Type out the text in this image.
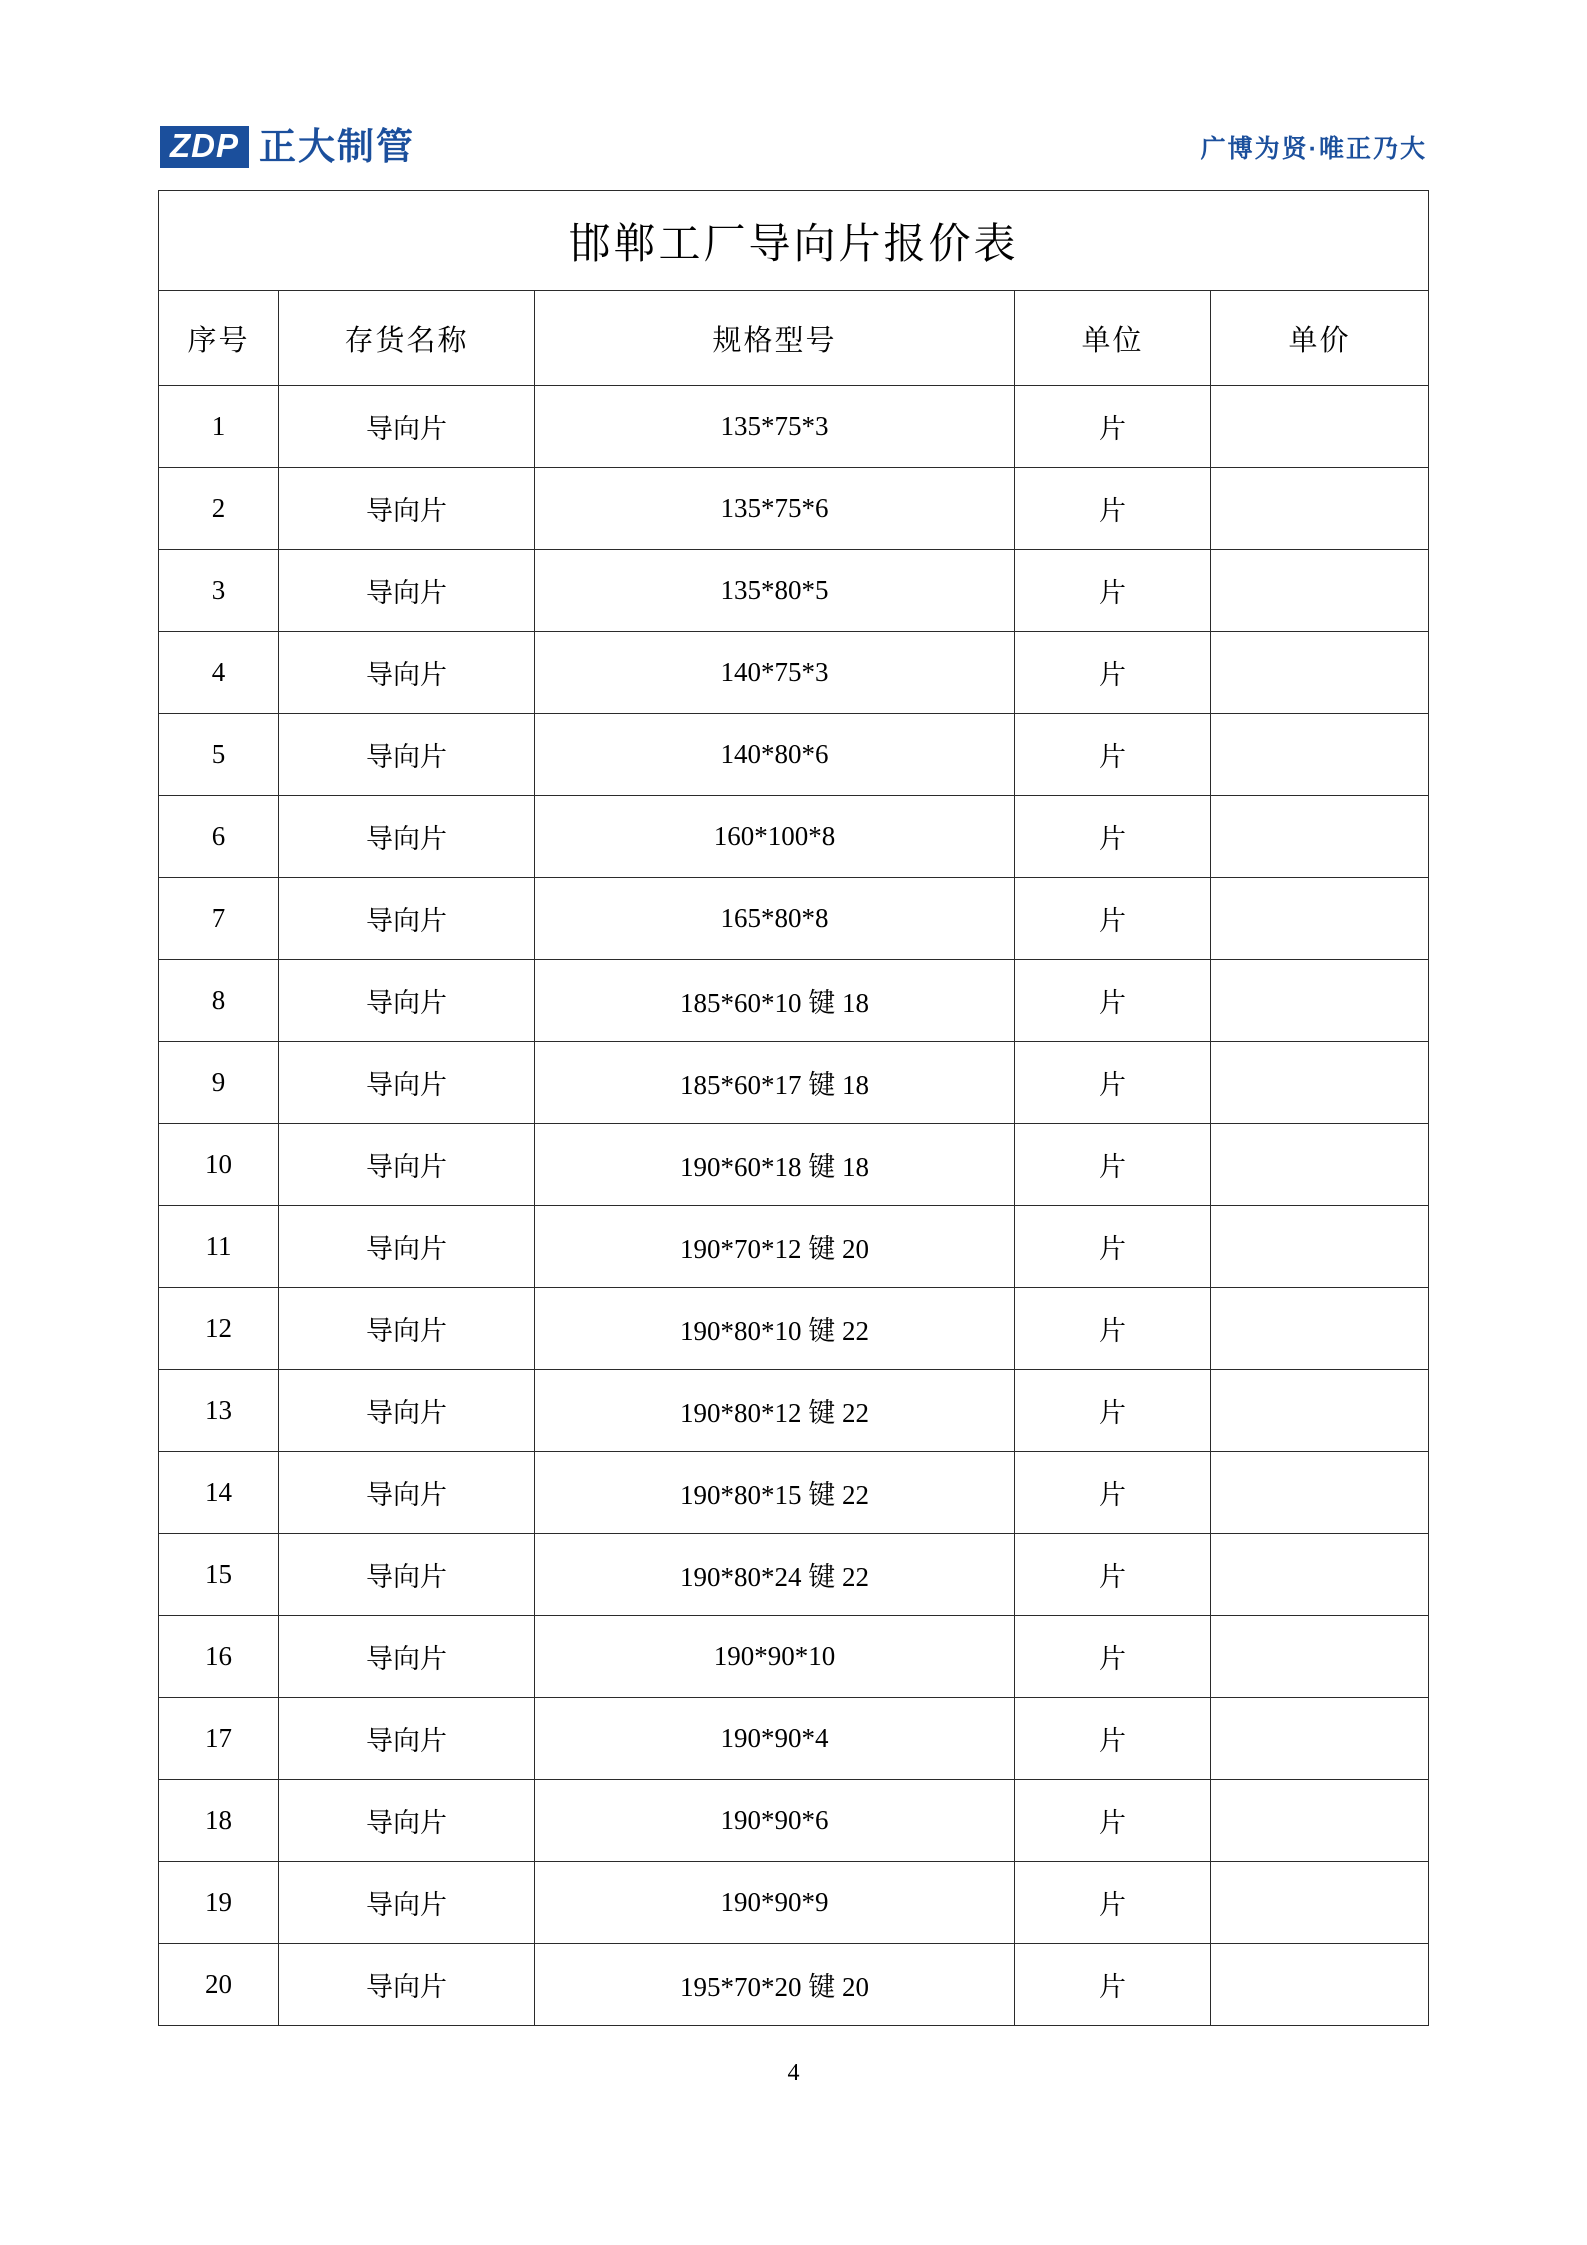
ZDP 正大制管	广博为贤·唯正乃大
邯郸工厂导向片报价表				
序号	存货名称	规格型号	单位	单价
1	导向片	135*75*3	片	
2	导向片	135*75*6	片	
3	导向片	135*80*5	片	
4	导向片	140*75*3	片	
5	导向片	140*80*6	片	
6	导向片	160*100*8	片	
7	导向片	165*80*8	片	
8	导向片	185*60*10 键 18	片	
9	导向片	185*60*17 键 18	片	
10	导向片	190*60*18 键 18	片	
11	导向片	190*70*12 键 20	片	
12	导向片	190*80*10 键 22	片	
13	导向片	190*80*12 键 22	片	
14	导向片	190*80*15 键 22	片	
15	导向片	190*80*24 键 22	片	
16	导向片	190*90*10	片	
17	导向片	190*90*4	片	
18	导向片	190*90*6	片	
19	导向片	190*90*9	片	
20	导向片	195*70*20 键 20	片	
4
